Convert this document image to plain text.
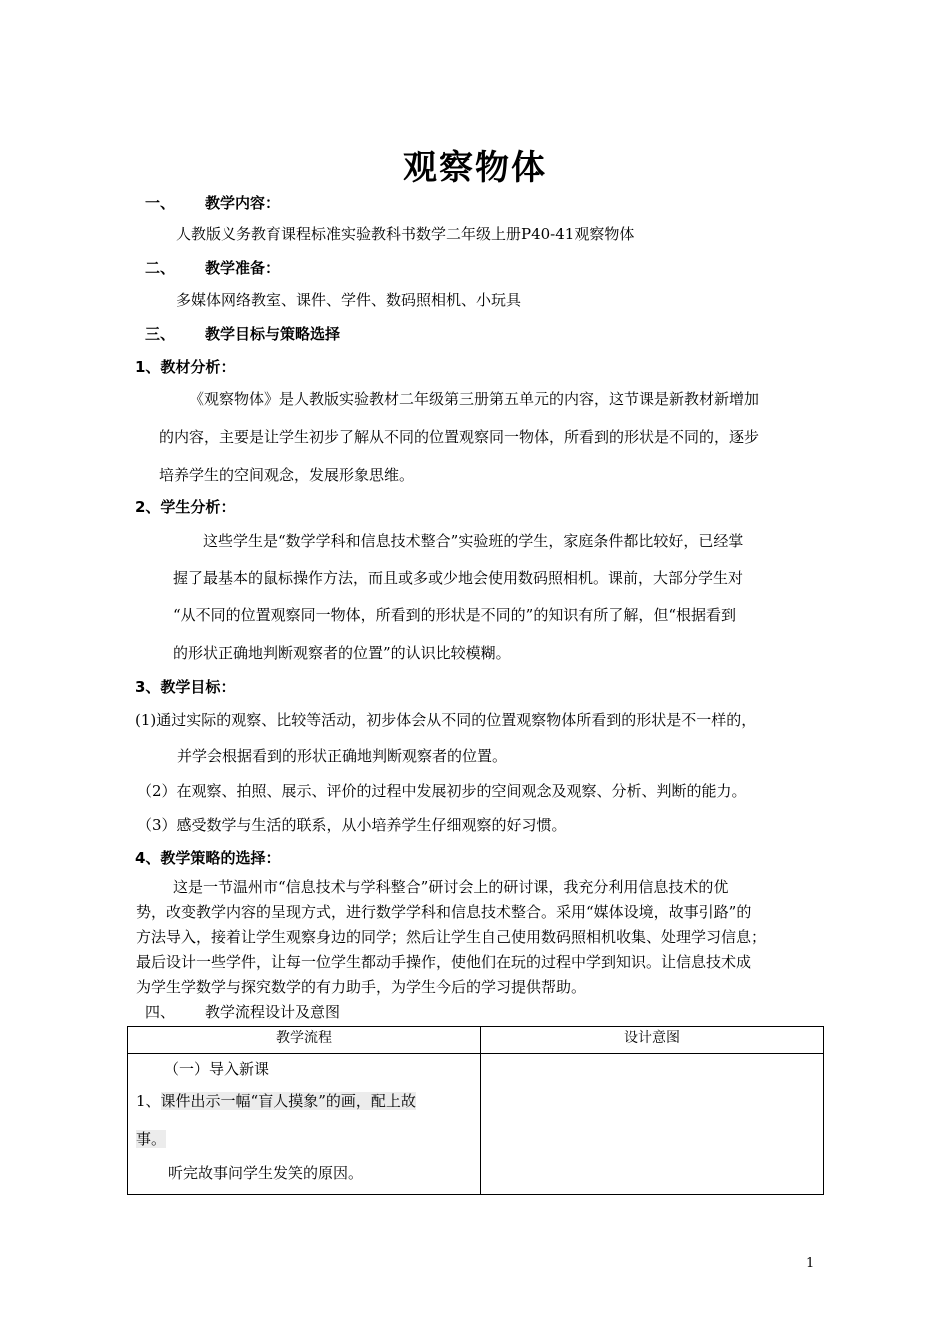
观察物体
一、 教学内容：
人教版义务教育课程标准实验教科书数学二年级上册P40-41观察物体
二、 教学准备：
多媒体网络教室、课件、学件、数码照相机、小玩具
三、 教学目标与策略选择
1、教材分析：
《观察物体》是人教版实验教材二年级第三册第五单元的内容，这节课是新教材新增加
的内容，主要是让学生初步了解从不同的位置观察同一物体，所看到的形状是不同的，逐步
培养学生的空间观念，发展形象思维。
2、学生分析：
这些学生是“数学学科和信息技术整合”实验班的学生，家庭条件都比较好，已经掌
握了最基本的鼠标操作方法，而且或多或少地会使用数码照相机。课前，大部分学生对
“从不同的位置观察同一物体，所看到的形状是不同的”的知识有所了解，但“根据看到
的形状正确地判断观察者的位置”的认识比较模糊。
3、教学目标：
(1)通过实际的观察、比较等活动，初步体会从不同的位置观察物体所看到的形状是不一样的，
并学会根据看到的形状正确地判断观察者的位置。
（2）在观察、拍照、展示、评价的过程中发展初步的空间观念及观察、分析、判断的能力。
（3）感受数学与生活的联系，从小培养学生仔细观察的好习惯。
4、教学策略的选择：
这是一节温州市“信息技术与学科整合”研讨会上的研讨课，我充分利用信息技术的优
势，改变教学内容的呈现方式，进行数学学科和信息技术整合。采用“媒体设境，故事引路”的
方法导入，接着让学生观察身边的同学；然后让学生自己使用数码照相机收集、处理学习信息；
最后设计一些学件，让每一位学生都动手操作，使他们在玩的过程中学到知识。让信息技术成
为学生学数学与探究数学的有力助手，为学生今后的学习提供帮助。
四、 教学流程设计及意图
教学流程	设计意图

（一）导入新课
1、课件出示一幅“盲人摸象”的画，配上故
事。
听完故事问学生发笑的原因。	

1
